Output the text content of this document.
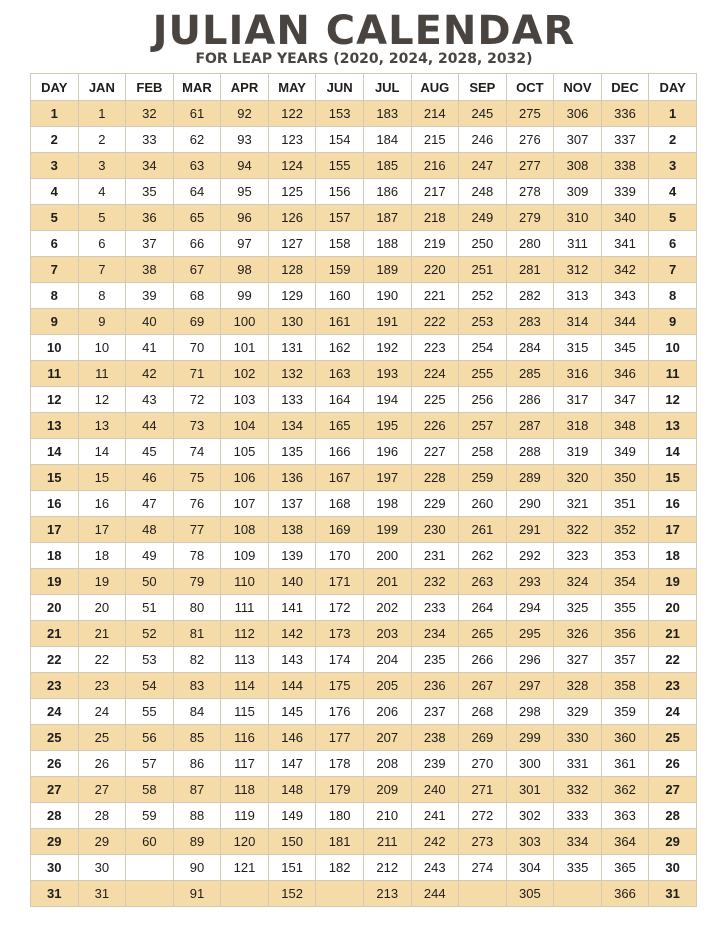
JULIAN CALENDAR
FOR LEAP YEARS (2020, 2024, 2028, 2032)
DAY	JAN	FEB	MAR	APR	MAY	JUN	JUL	AUG	SEP	OCT	NOV	DEC	DAY
1	1	32	61	92	122	153	183	214	245	275	306	336	1
2	2	33	62	93	123	154	184	215	246	276	307	337	2
3	3	34	63	94	124	155	185	216	247	277	308	338	3
4	4	35	64	95	125	156	186	217	248	278	309	339	4
5	5	36	65	96	126	157	187	218	249	279	310	340	5
6	6	37	66	97	127	158	188	219	250	280	311	341	6
7	7	38	67	98	128	159	189	220	251	281	312	342	7
8	8	39	68	99	129	160	190	221	252	282	313	343	8
9	9	40	69	100	130	161	191	222	253	283	314	344	9
10	10	41	70	101	131	162	192	223	254	284	315	345	10
11	11	42	71	102	132	163	193	224	255	285	316	346	11
12	12	43	72	103	133	164	194	225	256	286	317	347	12
13	13	44	73	104	134	165	195	226	257	287	318	348	13
14	14	45	74	105	135	166	196	227	258	288	319	349	14
15	15	46	75	106	136	167	197	228	259	289	320	350	15
16	16	47	76	107	137	168	198	229	260	290	321	351	16
17	17	48	77	108	138	169	199	230	261	291	322	352	17
18	18	49	78	109	139	170	200	231	262	292	323	353	18
19	19	50	79	110	140	171	201	232	263	293	324	354	19
20	20	51	80	111	141	172	202	233	264	294	325	355	20
21	21	52	81	112	142	173	203	234	265	295	326	356	21
22	22	53	82	113	143	174	204	235	266	296	327	357	22
23	23	54	83	114	144	175	205	236	267	297	328	358	23
24	24	55	84	115	145	176	206	237	268	298	329	359	24
25	25	56	85	116	146	177	207	238	269	299	330	360	25
26	26	57	86	117	147	178	208	239	270	300	331	361	26
27	27	58	87	118	148	179	209	240	271	301	332	362	27
28	28	59	88	119	149	180	210	241	272	302	333	363	28
29	29	60	89	120	150	181	211	242	273	303	334	364	29
30	30		90	121	151	182	212	243	274	304	335	365	30
31	31		91		152		213	244		305		366	31
